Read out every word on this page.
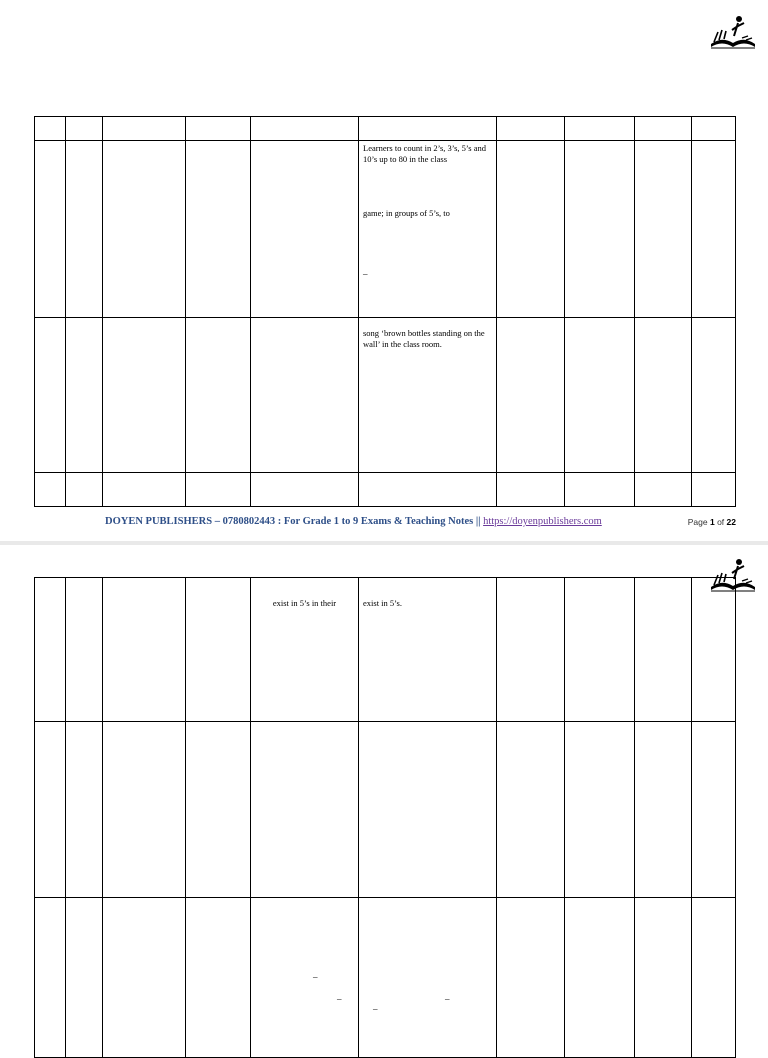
					Learners to count in 2’s, 3’s, 5’s and 10’s up to 80 in the class
game; in groups of 5’s, to
–				

					song ‘brown bottles standing on the wall’ in the class room.				

DOYEN PUBLISHERS – 0780802443 : For Grade 1 to 9 Exams & Teaching Notes || https://doyenpublishers.com	Page 1 of 22

				exist in 5’s in their	exist in 5’s.				

				–
–	–
–				
